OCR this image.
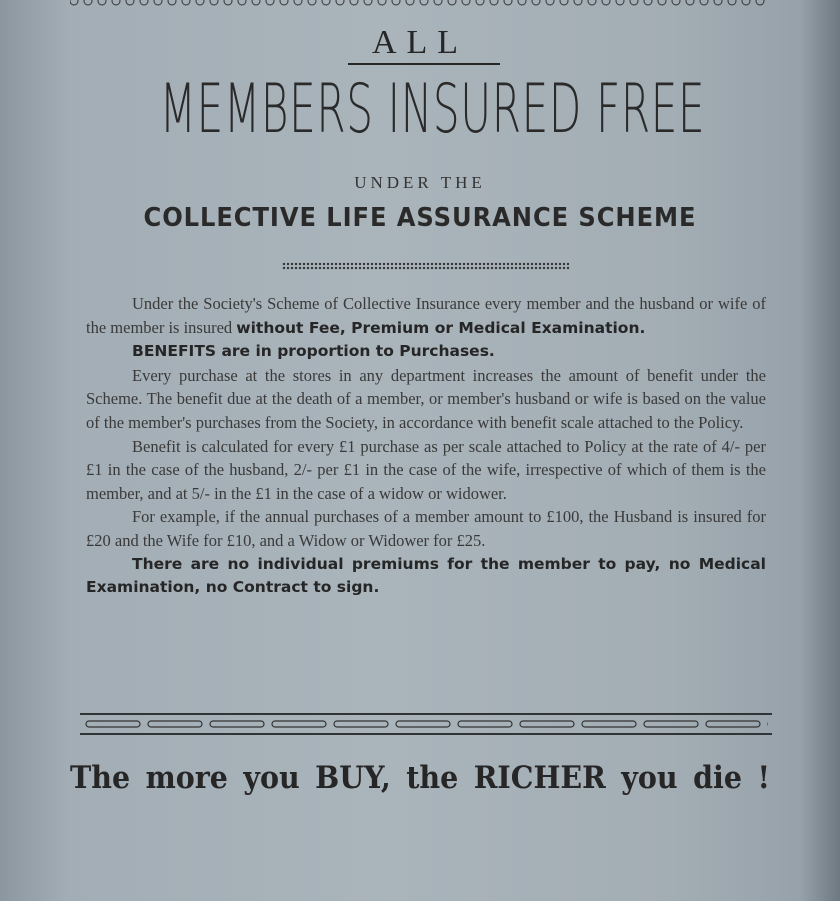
ALL
MEMBERS INSURED FREE
UNDER THE
COLLECTIVE LIFE ASSURANCE SCHEME

Under the Society's Scheme of Collective Insurance every member and the husband or wife of the member is insured without Fee, Premium or Medical Examination.

BENEFITS are in proportion to Purchases.

Every purchase at the stores in any department increases the amount of benefit under the Scheme. The benefit due at the death of a member, or member's husband or wife is based on the value of the member's purchases from the Society, in accordance with benefit scale attached to the Policy.

Benefit is calculated for every £1 purchase as per scale attached to Policy at the rate of 4/- per £1 in the case of the husband, 2/- per £1 in the case of the wife, irrespective of which of them is the member, and at 5/- in the £1 in the case of a widow or widower.

For example, if the annual purchases of a member amount to £100, the Husband is insured for £20 and the Wife for £10, and a Widow or Widower for £25.

There are no individual premiums for the member to pay, no Medical Examination, no Contract to sign.

The more you BUY, the RICHER you die !
